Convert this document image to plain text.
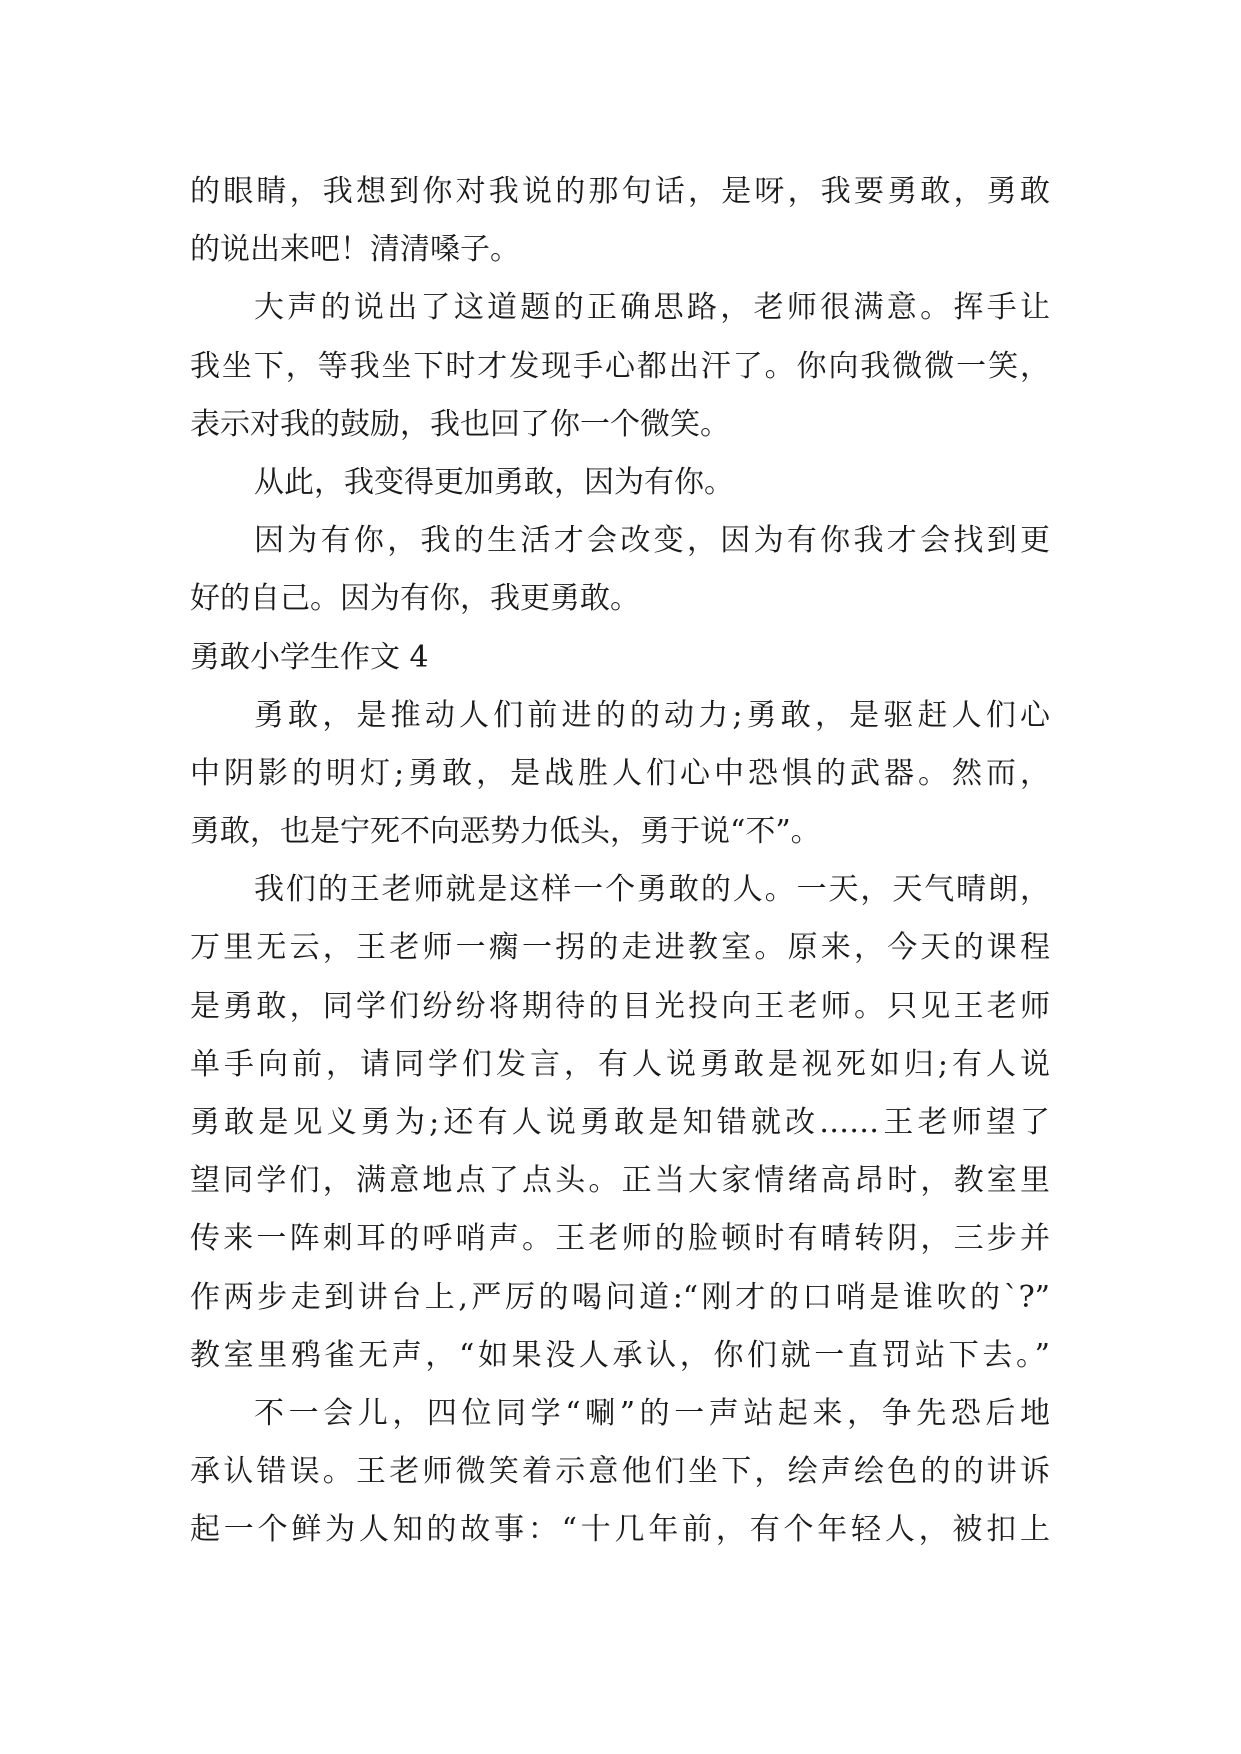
的眼睛，我想到你对我说的那句话，是呀，我要勇敢，勇敢
的说出来吧！清清嗓子。
大声的说出了这道题的正确思路，老师很满意。挥手让
我坐下，等我坐下时才发现手心都出汗了。你向我微微一笑，
表示对我的鼓励，我也回了你一个微笑。
从此，我变得更加勇敢，因为有你。
因为有你，我的生活才会改变，因为有你我才会找到更
好的自己。因为有你，我更勇敢。
勇敢小学生作文 4
勇敢，是推动人们前进的的动力;勇敢，是驱赶人们心
中阴影的明灯;勇敢，是战胜人们心中恐惧的武器。然而，
勇敢，也是宁死不向恶势力低头，勇于说“不”。
我们的王老师就是这样一个勇敢的人。一天，天气晴朗，
万里无云，王老师一瘸一拐的走进教室。原来，今天的课程
是勇敢，同学们纷纷将期待的目光投向王老师。只见王老师
单手向前，请同学们发言，有人说勇敢是视死如归;有人说
勇敢是见义勇为;还有人说勇敢是知错就改……王老师望了
望同学们，满意地点了点头。正当大家情绪高昂时，教室里
传来一阵刺耳的呼哨声。王老师的脸顿时有晴转阴，三步并
作两步走到讲台上,严厉的喝问道:“刚才的口哨是谁吹的`?”
教室里鸦雀无声，“如果没人承认，你们就一直罚站下去。”
不一会儿，四位同学“唰”的一声站起来，争先恐后地
承认错误。王老师微笑着示意他们坐下，绘声绘色的的讲诉
起一个鲜为人知的故事：“十几年前，有个年轻人，被扣上
